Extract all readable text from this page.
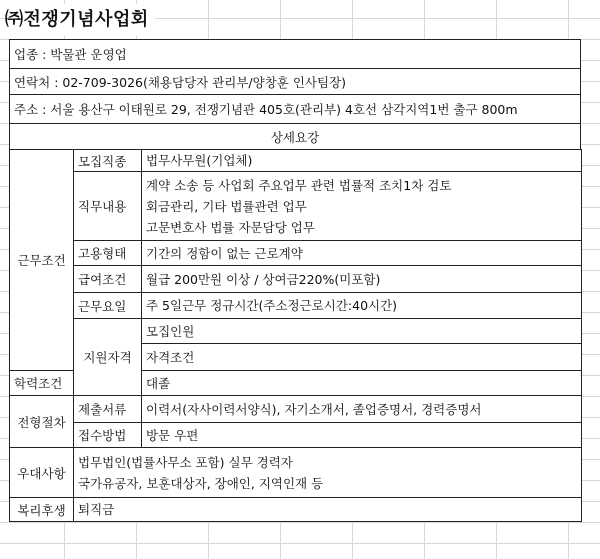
㈜전쟁기념사업회
업종 : 박물관 운영업
연락처 : 02-709-3026(채용담당자 관리부/양창훈 인사팀장)
주소 : 서울 용산구 이태원로 29, 전쟁기념관 405호(관리부) 4호선 삼각지역1번 출구 800m
상세요강
근무조건	모집직종	법무사무원(기업체)	

	직무내용	계약 소송 등 사업회 주요업무 관련 법률적 조치1차 검토
회금관리, 기타 법률관련 업무
고문변호사 법률 자문담당 업무	

	고용형태	기간의 정함이 없는 근로계약	

	급여조건	월급 200만원 이상 / 상여금220%(미포함)	

	근무요일	주 5일근무 정규시간(주소정근로시간:40시간)	

	지원자격	모집인원	

		자격조건	

학력조건		대졸	

전형절차	제출서류	이력서(자사이력서양식), 자기소개서, 졸업증명서, 경력증명서	

	접수방법	방문 우편	

우대사항	법무법인(법률사무소 포함) 실무 경력자
국가유공자, 보훈대상자, 장애인, 지역인재 등		

복리후생	퇴직금		
